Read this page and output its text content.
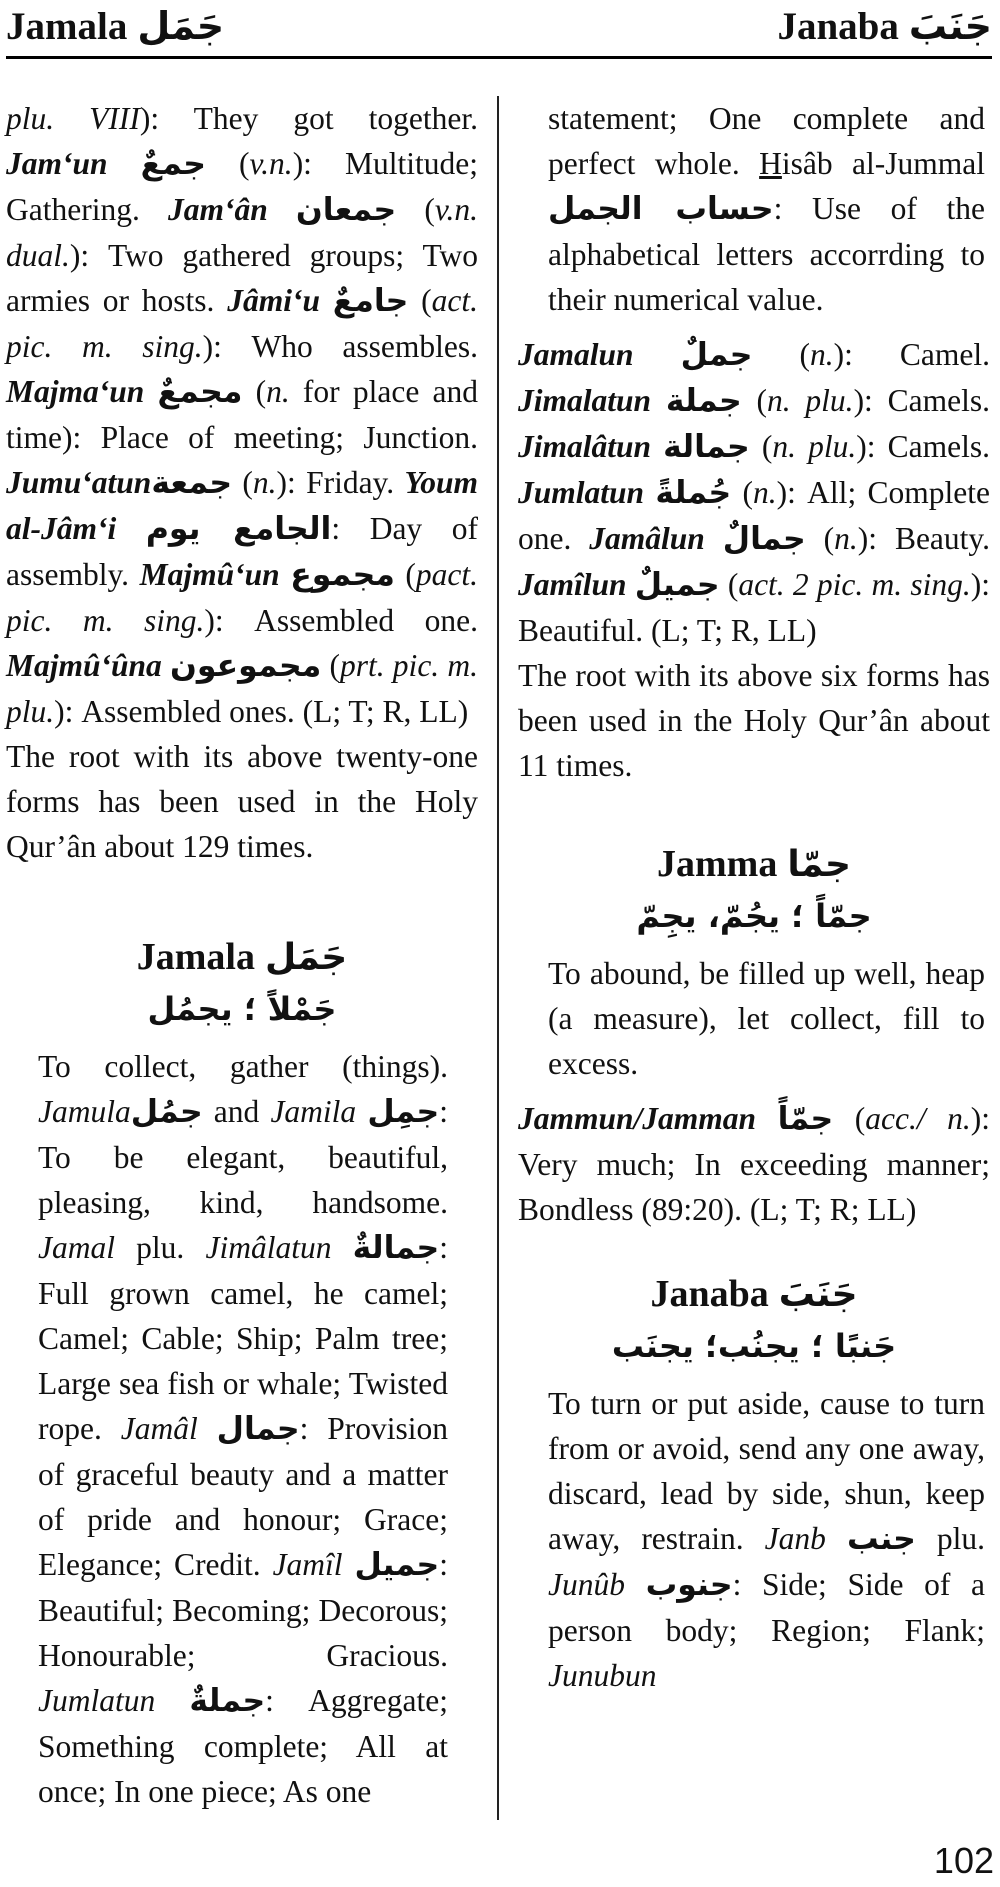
Jamala جَمَل	Janaba جَنَبَ

plu. VIII): They got together. Jam‘un جمعٌ (v.n.): Multitude; Gathering. Jam‘ân جمعان (v.n. dual.): Two gathered groups; Two armies or hosts. Jâmi‘u جامعٌ (act. pic. m. sing.): Who assembles. Majma‘un مجمعٌ (n. for place and time): Place of meeting; Junction. Jumu‘atunجمعة (n.): Friday. Youm al-Jâm‘i الجامع يوم: Day of assembly. Majmû‘un مجموع (pact. pic. m. sing.): Assembled one. Majmû‘ûna مجموعون (prt. pic. m. plu.): Assembled ones. (L; T; R, LL)

The root with its above twenty-one forms has been used in the Holy Qur’ân about 129 times.

Jamala جَمَل

جَمْلاً ؛ يجمُل

To collect, gather (things). Jamulaجمُل and Jamila جمِل: To be elegant, beautiful, pleasing, kind, handsome. Jamal plu. Jimâlatun جمالةٌ: Full grown camel, he camel; Camel; Cable; Ship; Palm tree; Large sea fish or whale; Twisted rope. Jamâl جمال: Provision of graceful beauty and a matter of pride and honour; Grace; Elegance; Credit. Jamîl جميل: Beautiful; Becoming; Decorous; Honourable; Gracious. Jumlatun جملةٌ: Aggregate; Something complete; All at once; In one piece; As one

statement; One complete and perfect whole. Hisâb al-Jummal حساب الجمل: Use of the alphabetical letters accorrding to their numerical value.

Jamalun جملٌ (n.): Camel. Jimalatun جملة (n. plu.): Camels. Jimalâtun جمالة (n. plu.): Camels. Jumlatun جُملةً (n.): All; Complete one. Jamâlun جمالٌ (n.): Beauty. Jamîlun جميلٌ (act. 2 pic. m. sing.): Beautiful. (L; T; R, LL)

The root with its above six forms has been used in the Holy Qur’ân about 11 times.

Jamma جمّا

جمّاً ؛ يجُمّ، يجِمّ

To abound, be filled up well, heap (a measure), let collect, fill to excess.

Jammun/Jamman جمّاً (acc./ n.): Very much; In exceeding manner; Bondless (89:20). (L; T; R; LL)

Janaba جَنَبَ

جَنبًا ؛ يجنُب؛ يجنَب

To turn or put aside, cause to turn from or avoid, send any one away, discard, lead by side, shun, keep away, restrain. Janb جنب plu. Junûb جنوب: Side; Side of a person body; Region; Flank; Junubun

102
